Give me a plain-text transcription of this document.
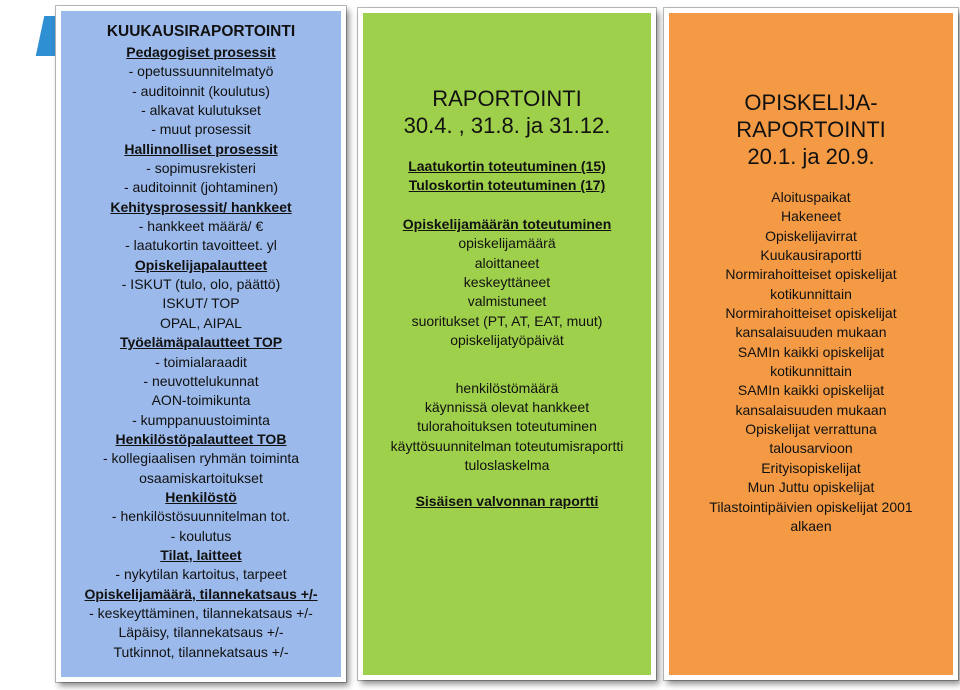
KUUKAUSIRAPORTOINTI
Pedagogiset prosessit
- opetussuunnitelmatyö
- auditoinnit (koulutus)
- alkavat kulutukset
- muut prosessit
Hallinnolliset prosessit
- sopimusrekisteri
- auditoinnit (johtaminen)
Kehitysprosessit/ hankkeet
- hankkeet määrä/ €
- laatukortin tavoitteet. yl
Opiskelijapalautteet
- ISKUT (tulo, olo, päättö)
ISKUT/ TOP
OPAL, AIPAL
Työelämäpalautteet TOP
- toimialaraadit
- neuvottelukunnat
AON-toimikunta
- kumppanuustoiminta
Henkilöstöpalautteet TOB
- kollegiaalisen ryhmän toiminta
osaamiskartoitukset
Henkilöstö
- henkilöstösuunnitelman tot.
- koulutus
Tilat, laitteet
- nykytilan kartoitus, tarpeet
Opiskelijamäärä, tilannekatsaus +/-
- keskeyttäminen, tilannekatsaus +/-
Läpäisy, tilannekatsaus +/-
Tutkinnot, tilannekatsaus +/-
RAPORTOINTI
30.4. , 31.8. ja 31.12.
Laatukortin toteutuminen (15)
Tuloskortin toteutuminen (17)
Opiskelijamäärän toteutuminen
opiskelijamäärä
aloittaneet
keskeyttäneet
valmistuneet
suoritukset (PT, AT, EAT, muut)
opiskelijatyöpäivät
henkilöstömäärä
käynnissä olevat hankkeet
tulorahoituksen toteutuminen
käyttösuunnitelman toteutumisraportti
tuloslaskelma
Sisäisen valvonnan raportti
OPISKELIJA-
RAPORTOINTI
20.1. ja 20.9.
Aloituspaikat
Hakeneet
Opiskelijavirrat
Kuukausiraportti
Normirahoitteiset opiskelijat
kotikunnittain
Normirahoitteiset opiskelijat
kansalaisuuden mukaan
SAMIn kaikki opiskelijat
kotikunnittain
SAMIn kaikki opiskelijat
kansalaisuuden mukaan
Opiskelijat verrattuna
talousarvioon
Erityisopiskelijat
Mun Juttu opiskelijat
Tilastointipäivien opiskelijat 2001
alkaen
